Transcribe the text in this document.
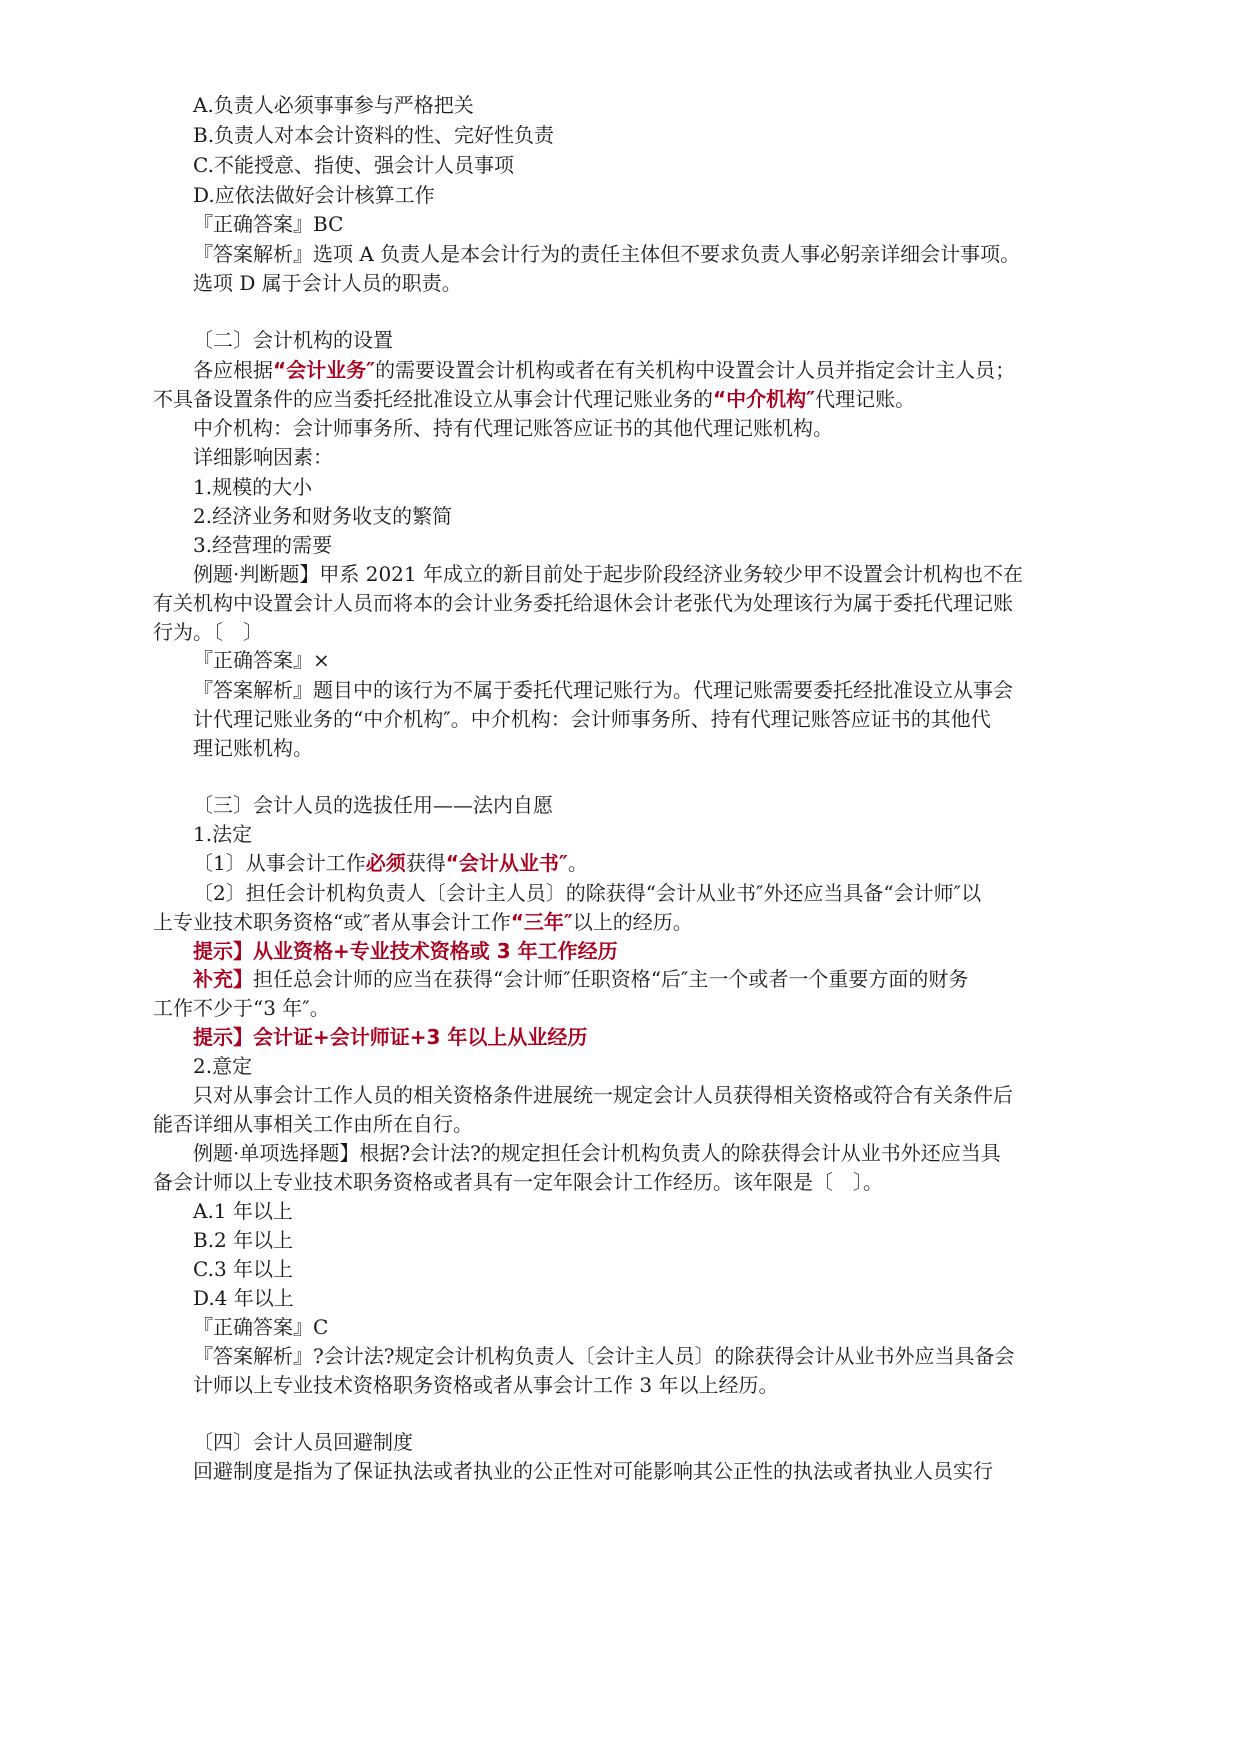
A.负责人必须事事参与严格把关
B.负责人对本会计资料的性、完好性负责
C.不能授意、指使、强会计人员事项
D.应依法做好会计核算工作
『正确答案』BC
『答案解析』选项 A 负责人是本会计行为的责任主体但不要求负责人事必躬亲详细会计事项。
选项 D 属于会计人员的职责。
〔二〕会计机构的设置
各应根据“会计业务″的需要设置会计机构或者在有关机构中设置会计人员并指定会计主人员；
不具备设置条件的应当委托经批准设立从事会计代理记账业务的“中介机构″代理记账。
中介机构：会计师事务所、持有代理记账答应证书的其他代理记账机构。
详细影响因素：
1.规模的大小
2.经济业务和财务收支的繁简
3.经营理的需要
例题·判断题】甲系 2021 年成立的新目前处于起步阶段经济业务较少甲不设置会计机构也不在
有关机构中设置会计人员而将本的会计业务委托给退休会计老张代为处理该行为属于委托代理记账
行为。〔　〕
『正确答案』×
『答案解析』题目中的该行为不属于委托代理记账行为。代理记账需要委托经批准设立从事会
计代理记账业务的“中介机构″。中介机构：会计师事务所、持有代理记账答应证书的其他代
理记账机构。
〔三〕会计人员的选拔任用——法内自愿
1.法定
〔1〕从事会计工作必须获得“会计从业书″。
〔2〕担任会计机构负责人〔会计主人员〕的除获得“会计从业书″外还应当具备“会计师″以
上专业技术职务资格“或″者从事会计工作“三年″以上的经历。
提示】从业资格+专业技术资格或 3 年工作经历
补充】担任总会计师的应当在获得“会计师″任职资格“后″主一个或者一个重要方面的财务
工作不少于“3 年″。
提示】会计证+会计师证+3 年以上从业经历
2.意定
只对从事会计工作人员的相关资格条件进展统一规定会计人员获得相关资格或符合有关条件后
能否详细从事相关工作由所在自行。
例题·单项选择题】根据?会计法?的规定担任会计机构负责人的除获得会计从业书外还应当具
备会计师以上专业技术职务资格或者具有一定年限会计工作经历。该年限是〔　〕。
A.1 年以上
B.2 年以上
C.3 年以上
D.4 年以上
『正确答案』C
『答案解析』?会计法?规定会计机构负责人〔会计主人员〕的除获得会计从业书外应当具备会
计师以上专业技术资格职务资格或者从事会计工作 3 年以上经历。
〔四〕会计人员回避制度
回避制度是指为了保证执法或者执业的公正性对可能影响其公正性的执法或者执业人员实行
